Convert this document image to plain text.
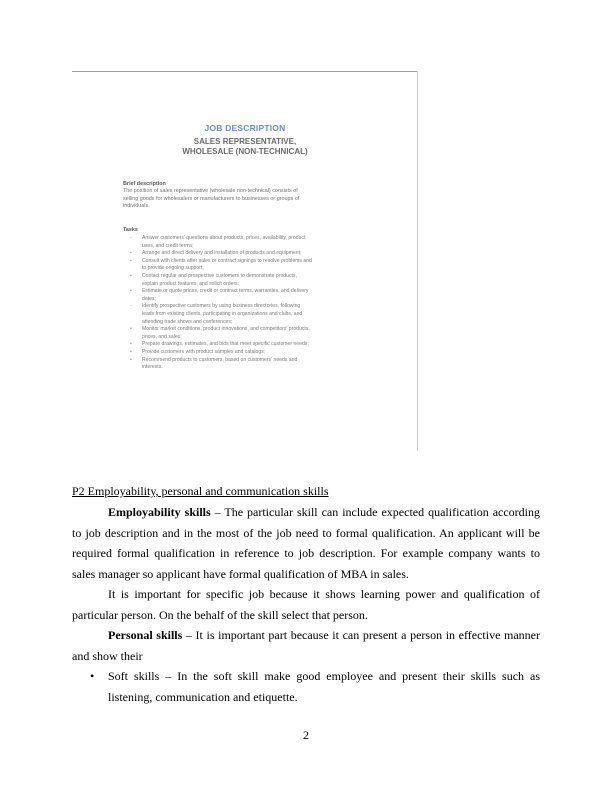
JOB DESCRIPTION
SALES REPRESENTATIVE,
WHOLESALE (NON-TECHNICAL)
Brief description
The position of sales representative (wholesale non-technical) consists of selling goods for wholesalers or manufacturers to businesses or groups of individuals.
Tasks
- Answer customers' questions about products, prices, availability, product uses, and credit terms;
• Arrange and direct delivery and installation of products and equipment;
• Consult with clients after sales or contract signings to resolve problems and to provide ongoing support;
• Contact regular and prospective customers to demonstrate products, explain product features, and solicit orders;
• Estimate or quote prices, credit or contract terms, warranties, and delivery dates;
- Identify prospective customers by using business directories, following leads from existing clients, participating in organizations and clubs, and attending trade shows and conferences;
• Monitor market conditions, product innovations, and competitors' products, prices, and sales;
• Prepare drawings, estimates, and bids that meet specific customer needs;
• Provide customers with product samples and catalogs;
• Recommend products to customers, based on customers' needs and interests.
P2 Employability, personal and communication skills

Employability skills – The particular skill can include expected qualification according to job description and in the most of the job need to formal qualification. An applicant will be required formal qualification in reference to job description. For example company wants to sales manager so applicant have formal qualification of MBA in sales.

It is important for specific job because it shows learning power and qualification of particular person. On the behalf of the skill select that person.

Personal skills – It is important part because it can present a person in effective manner and show their

• Soft skills – In the soft skill make good employee and present their skills such as listening, communication and etiquette.
2
